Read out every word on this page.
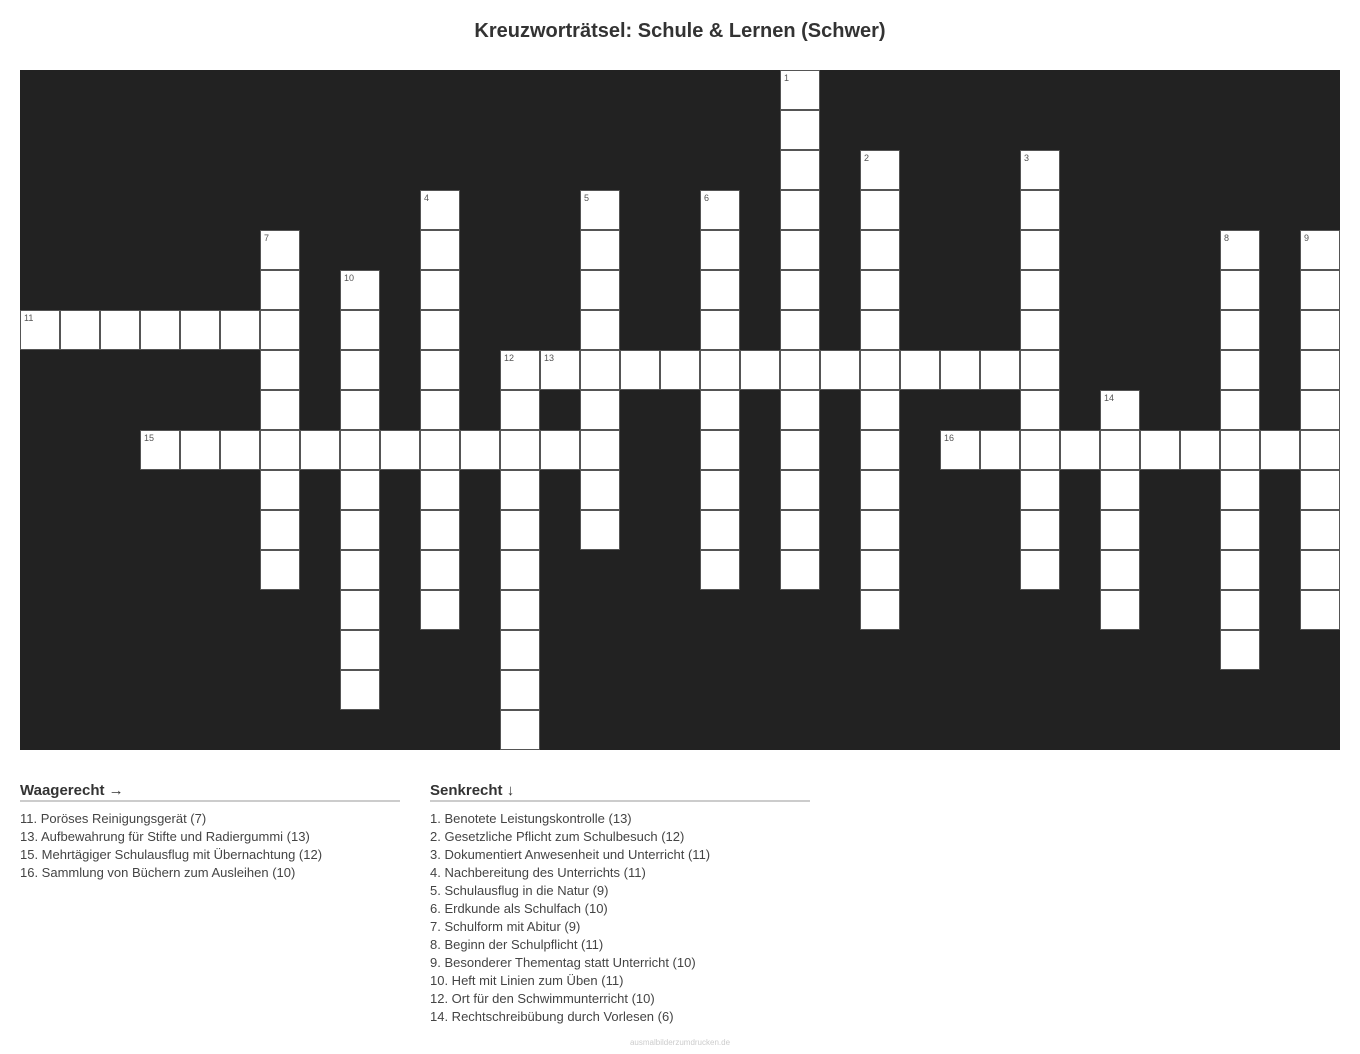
Kreuzworträtsel: Schule & Lernen (Schwer)
1
2	3
4	5	6
7	8	9
10
11
12	13
14
15	16
Waagerecht →
11. Poröses Reinigungsgerät (7)
13. Aufbewahrung für Stifte und Radiergummi (13)
15. Mehrtägiger Schulausflug mit Übernachtung (12)
16. Sammlung von Büchern zum Ausleihen (10)
Senkrecht ↓
1. Benotete Leistungskontrolle (13)
2. Gesetzliche Pflicht zum Schulbesuch (12)
3. Dokumentiert Anwesenheit und Unterricht (11)
4. Nachbereitung des Unterrichts (11)
5. Schulausflug in die Natur (9)
6. Erdkunde als Schulfach (10)
7. Schulform mit Abitur (9)
8. Beginn der Schulpflicht (11)
9. Besonderer Thementag statt Unterricht (10)
10. Heft mit Linien zum Üben (11)
12. Ort für den Schwimmunterricht (10)
14. Rechtschreibübung durch Vorlesen (6)
ausmalbilderzumdrucken.de
